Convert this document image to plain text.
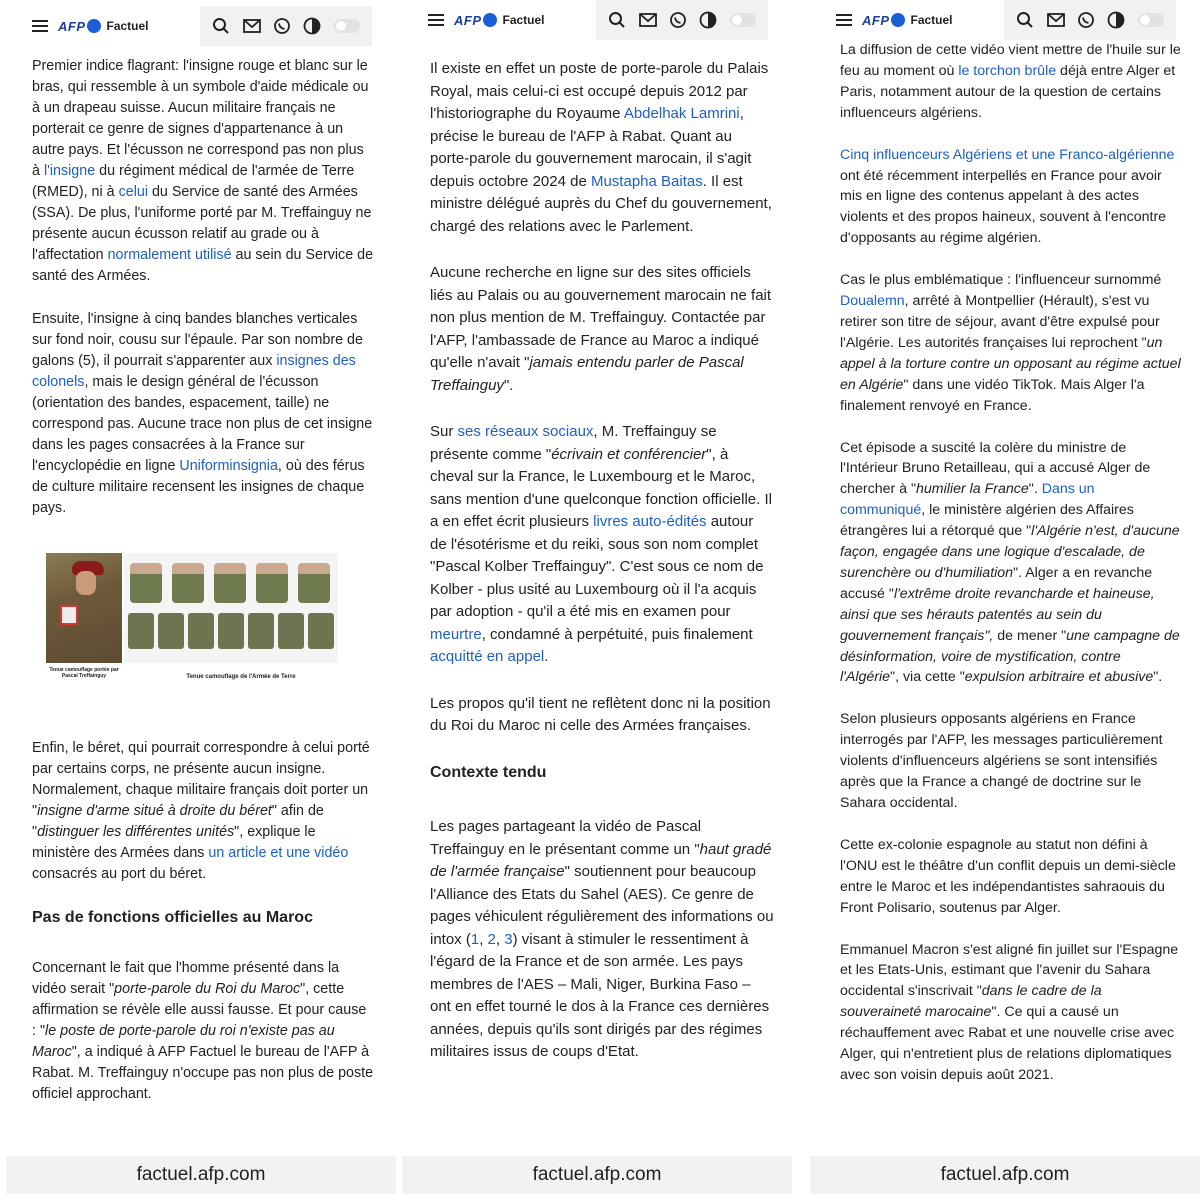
AFP Factuel

Premier indice flagrant: l'insigne rouge et blanc sur le bras, qui ressemble à un symbole d'aide médicale ou à un drapeau suisse. Aucun militaire français ne porterait ce genre de signes d'appartenance à un autre pays. Et l'écusson ne correspond pas non plus à l'insigne du régiment médical de l'armée de Terre (RMED), ni à celui du Service de santé des Armées (SSA). De plus, l'uniforme porté par M. Treffainguy ne présente aucun écusson relatif au grade ou à l'affectation normalement utilisé au sein du Service de santé des Armées.

Ensuite, l'insigne à cinq bandes blanches verticales sur fond noir, cousu sur l'épaule. Par son nombre de galons (5), il pourrait s'apparenter aux insignes des colonels, mais le design général de l'écusson (orientation des bandes, espacement, taille) ne correspond pas. Aucune trace non plus de cet insigne dans les pages consacrées à la France sur l'encyclopédie en ligne Uniforminsignia, où des férus de culture militaire recensent les insignes de chaque pays.

Tenue camouflage portée par Pascal Treffainguy	Tenue camouflage de l'Armée de Terre

Enfin, le béret, qui pourrait correspondre à celui porté par certains corps, ne présente aucun insigne. Normalement, chaque militaire français doit porter un "insigne d'arme situé à droite du béret" afin de "distinguer les différentes unités", explique le ministère des Armées dans un article et une vidéo consacrés au port du béret.

Pas de fonctions officielles au Maroc

Concernant le fait que l'homme présenté dans la vidéo serait "porte-parole du Roi du Maroc", cette affirmation se révèle elle aussi fausse. Et pour cause : "le poste de porte-parole du roi n'existe pas au Maroc", a indiqué à AFP Factuel le bureau de l'AFP à Rabat. M. Treffainguy n'occupe pas non plus de poste officiel approchant.

factuel.afp.com
AFP Factuel

Il existe en effet un poste de porte-parole du Palais Royal, mais celui-ci est occupé depuis 2012 par l'historiographe du Royaume Abdelhak Lamrini, précise le bureau de l'AFP à Rabat. Quant au porte-parole du gouvernement marocain, il s'agit depuis octobre 2024 de Mustapha Baitas. Il est ministre délégué auprès du Chef du gouvernement, chargé des relations avec le Parlement.

Aucune recherche en ligne sur des sites officiels liés au Palais ou au gouvernement marocain ne fait non plus mention de M. Treffainguy. Contactée par l'AFP, l'ambassade de France au Maroc a indiqué qu'elle n'avait "jamais entendu parler de Pascal Treffainguy".

Sur ses réseaux sociaux, M. Treffainguy se présente comme "écrivain et conférencier", à cheval sur la France, le Luxembourg et le Maroc, sans mention d'une quelconque fonction officielle. Il a en effet écrit plusieurs livres auto-édités autour de l'ésotérisme et du reiki, sous son nom complet "Pascal Kolber Treffainguy". C'est sous ce nom de Kolber - plus usité au Luxembourg où il l'a acquis par adoption - qu'il a été mis en examen pour meurtre, condamné à perpétuité, puis finalement acquitté en appel.

Les propos qu'il tient ne reflètent donc ni la position du Roi du Maroc ni celle des Armées françaises.

Contexte tendu

Les pages partageant la vidéo de Pascal Treffainguy en le présentant comme un "haut gradé de l'armée française" soutiennent pour beaucoup l'Alliance des Etats du Sahel (AES). Ce genre de pages véhiculent régulièrement des informations ou intox (1, 2, 3) visant à stimuler le ressentiment à l'égard de la France et de son armée. Les pays membres de l'AES – Mali, Niger, Burkina Faso – ont en effet tourné le dos à la France ces dernières années, depuis qu'ils sont dirigés par des régimes militaires issus de coups d'Etat.

factuel.afp.com
AFP Factuel

La diffusion de cette vidéo vient mettre de l'huile sur le feu au moment où le torchon brûle déjà entre Alger et Paris, notamment autour de la question de certains influenceurs algériens.

Cinq influenceurs Algériens et une Franco-algérienne ont été récemment interpellés en France pour avoir mis en ligne des contenus appelant à des actes violents et des propos haineux, souvent à l'encontre d'opposants au régime algérien.

Cas le plus emblématique : l'influenceur surnommé Doualemn, arrêté à Montpellier (Hérault), s'est vu retirer son titre de séjour, avant d'être expulsé pour l'Algérie. Les autorités françaises lui reprochent "un appel à la torture contre un opposant au régime actuel en Algérie" dans une vidéo TikTok. Mais Alger l'a finalement renvoyé en France.

Cet épisode a suscité la colère du ministre de l'Intérieur Bruno Retailleau, qui a accusé Alger de chercher à "humilier la France". Dans un communiqué, le ministère algérien des Affaires étrangères lui a rétorqué que "l'Algérie n'est, d'aucune façon, engagée dans une logique d'escalade, de surenchère ou d'humiliation". Alger a en revanche accusé "l'extrême droite revancharde et haineuse, ainsi que ses hérauts patentés au sein du gouvernement français", de mener "une campagne de désinformation, voire de mystification, contre l'Algérie", via cette "expulsion arbitraire et abusive".

Selon plusieurs opposants algériens en France interrogés par l'AFP, les messages particulièrement violents d'influenceurs algériens se sont intensifiés après que la France a changé de doctrine sur le Sahara occidental.

Cette ex-colonie espagnole au statut non défini à l'ONU est le théâtre d'un conflit depuis un demi-siècle entre le Maroc et les indépendantistes sahraouis du Front Polisario, soutenus par Alger.

Emmanuel Macron s'est aligné fin juillet sur l'Espagne et les Etats-Unis, estimant que l'avenir du Sahara occidental s'inscrivait "dans le cadre de la souveraineté marocaine". Ce qui a causé un réchauffement avec Rabat et une nouvelle crise avec Alger, qui n'entretient plus de relations diplomatiques avec son voisin depuis août 2021.

factuel.afp.com
